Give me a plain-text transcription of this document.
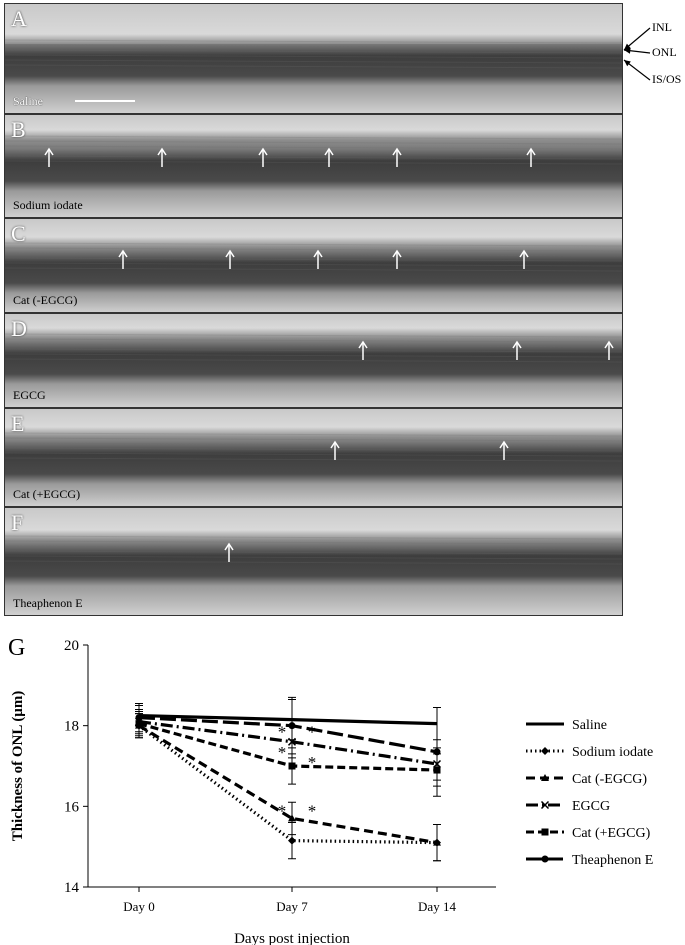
A
Saline
B
Sodium iodate
C
Cat (-EGCG)
D
EGCG
E
Cat (+EGCG)
F
Theaphenon E
INL
ONL
IS/OS
G
14
16
18
20
Day 0	Day 7	Day 14
Days post injection
Thickness of ONL (μm)	* *
*
*
* *
Saline
Sodium iodate
Cat (-EGCG)
EGCG
Cat (+EGCG)
Theaphenon E
